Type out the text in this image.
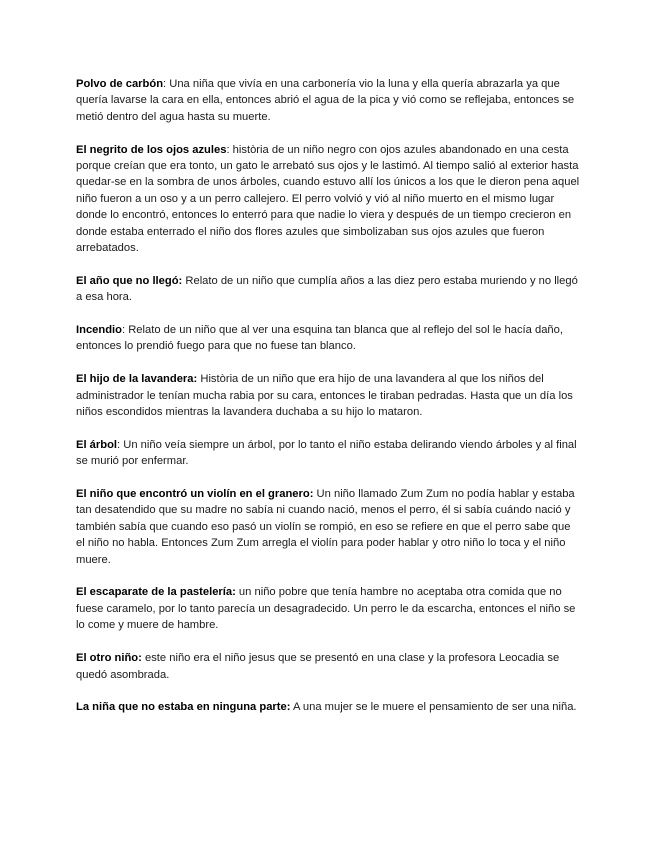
Polvo de carbón: Una niña que vivía en una carbonería vio la luna y ella quería abrazarla ya que quería lavarse la cara en ella, entonces abrió el agua de la pica y vió como se reflejaba, entonces se metió dentro del agua hasta su muerte.

El negrito de los ojos azules: història de un niño negro con ojos azules abandonado en una cesta porque creían que era tonto, un gato le arrebató sus ojos y le lastimó. Al tiempo salió al exterior hasta quedar-se en la sombra de unos árboles, cuando estuvo allí los únicos a los que le dieron pena aquel niño fueron a un oso y a un perro callejero. El perro volvió y vió al niño muerto en el mismo lugar donde lo encontró, entonces lo enterró para que nadie lo viera y después de un tiempo crecieron en donde estaba enterrado el niño dos flores azules que simbolizaban sus ojos azules que fueron arrebatados.

El año que no llegó: Relato de un niño que cumplía años a las diez pero estaba muriendo y no llegó a esa hora.

Incendio: Relato de un niño que al ver una esquina tan blanca que al reflejo del sol le hacía daño, entonces lo prendió fuego para que no fuese tan blanco.

El hijo de la lavandera: Història de un niño que era hijo de una lavandera al que los niños del administrador le tenían mucha rabia por su cara, entonces le tiraban pedradas. Hasta que un día los niños escondidos mientras la lavandera duchaba a su hijo lo mataron.

El árbol: Un niño veía siempre un árbol, por lo tanto el niño estaba delirando viendo árboles y al final se murió por enfermar.

El niño que encontró un violín en el granero: Un niño llamado Zum Zum no podía hablar y estaba tan desatendido que su madre no sabía ni cuando nació, menos el perro, él si sabía cuándo nació y también sabía que cuando eso pasó un violín se rompió, en eso se refiere en que el perro sabe que el niño no habla. Entonces Zum Zum arregla el violín para poder hablar y otro niño lo toca y el niño muere.

El escaparate de la pastelería: un niño pobre que tenía hambre no aceptaba otra comida que no fuese caramelo, por lo tanto parecía un desagradecido. Un perro le da escarcha, entonces el niño se lo come y muere de hambre.

El otro niño: este niño era el niño jesus que se presentó en una clase y la profesora Leocadia se quedó asombrada.

La niña que no estaba en ninguna parte: A una mujer se le muere el pensamiento de ser una niña.
